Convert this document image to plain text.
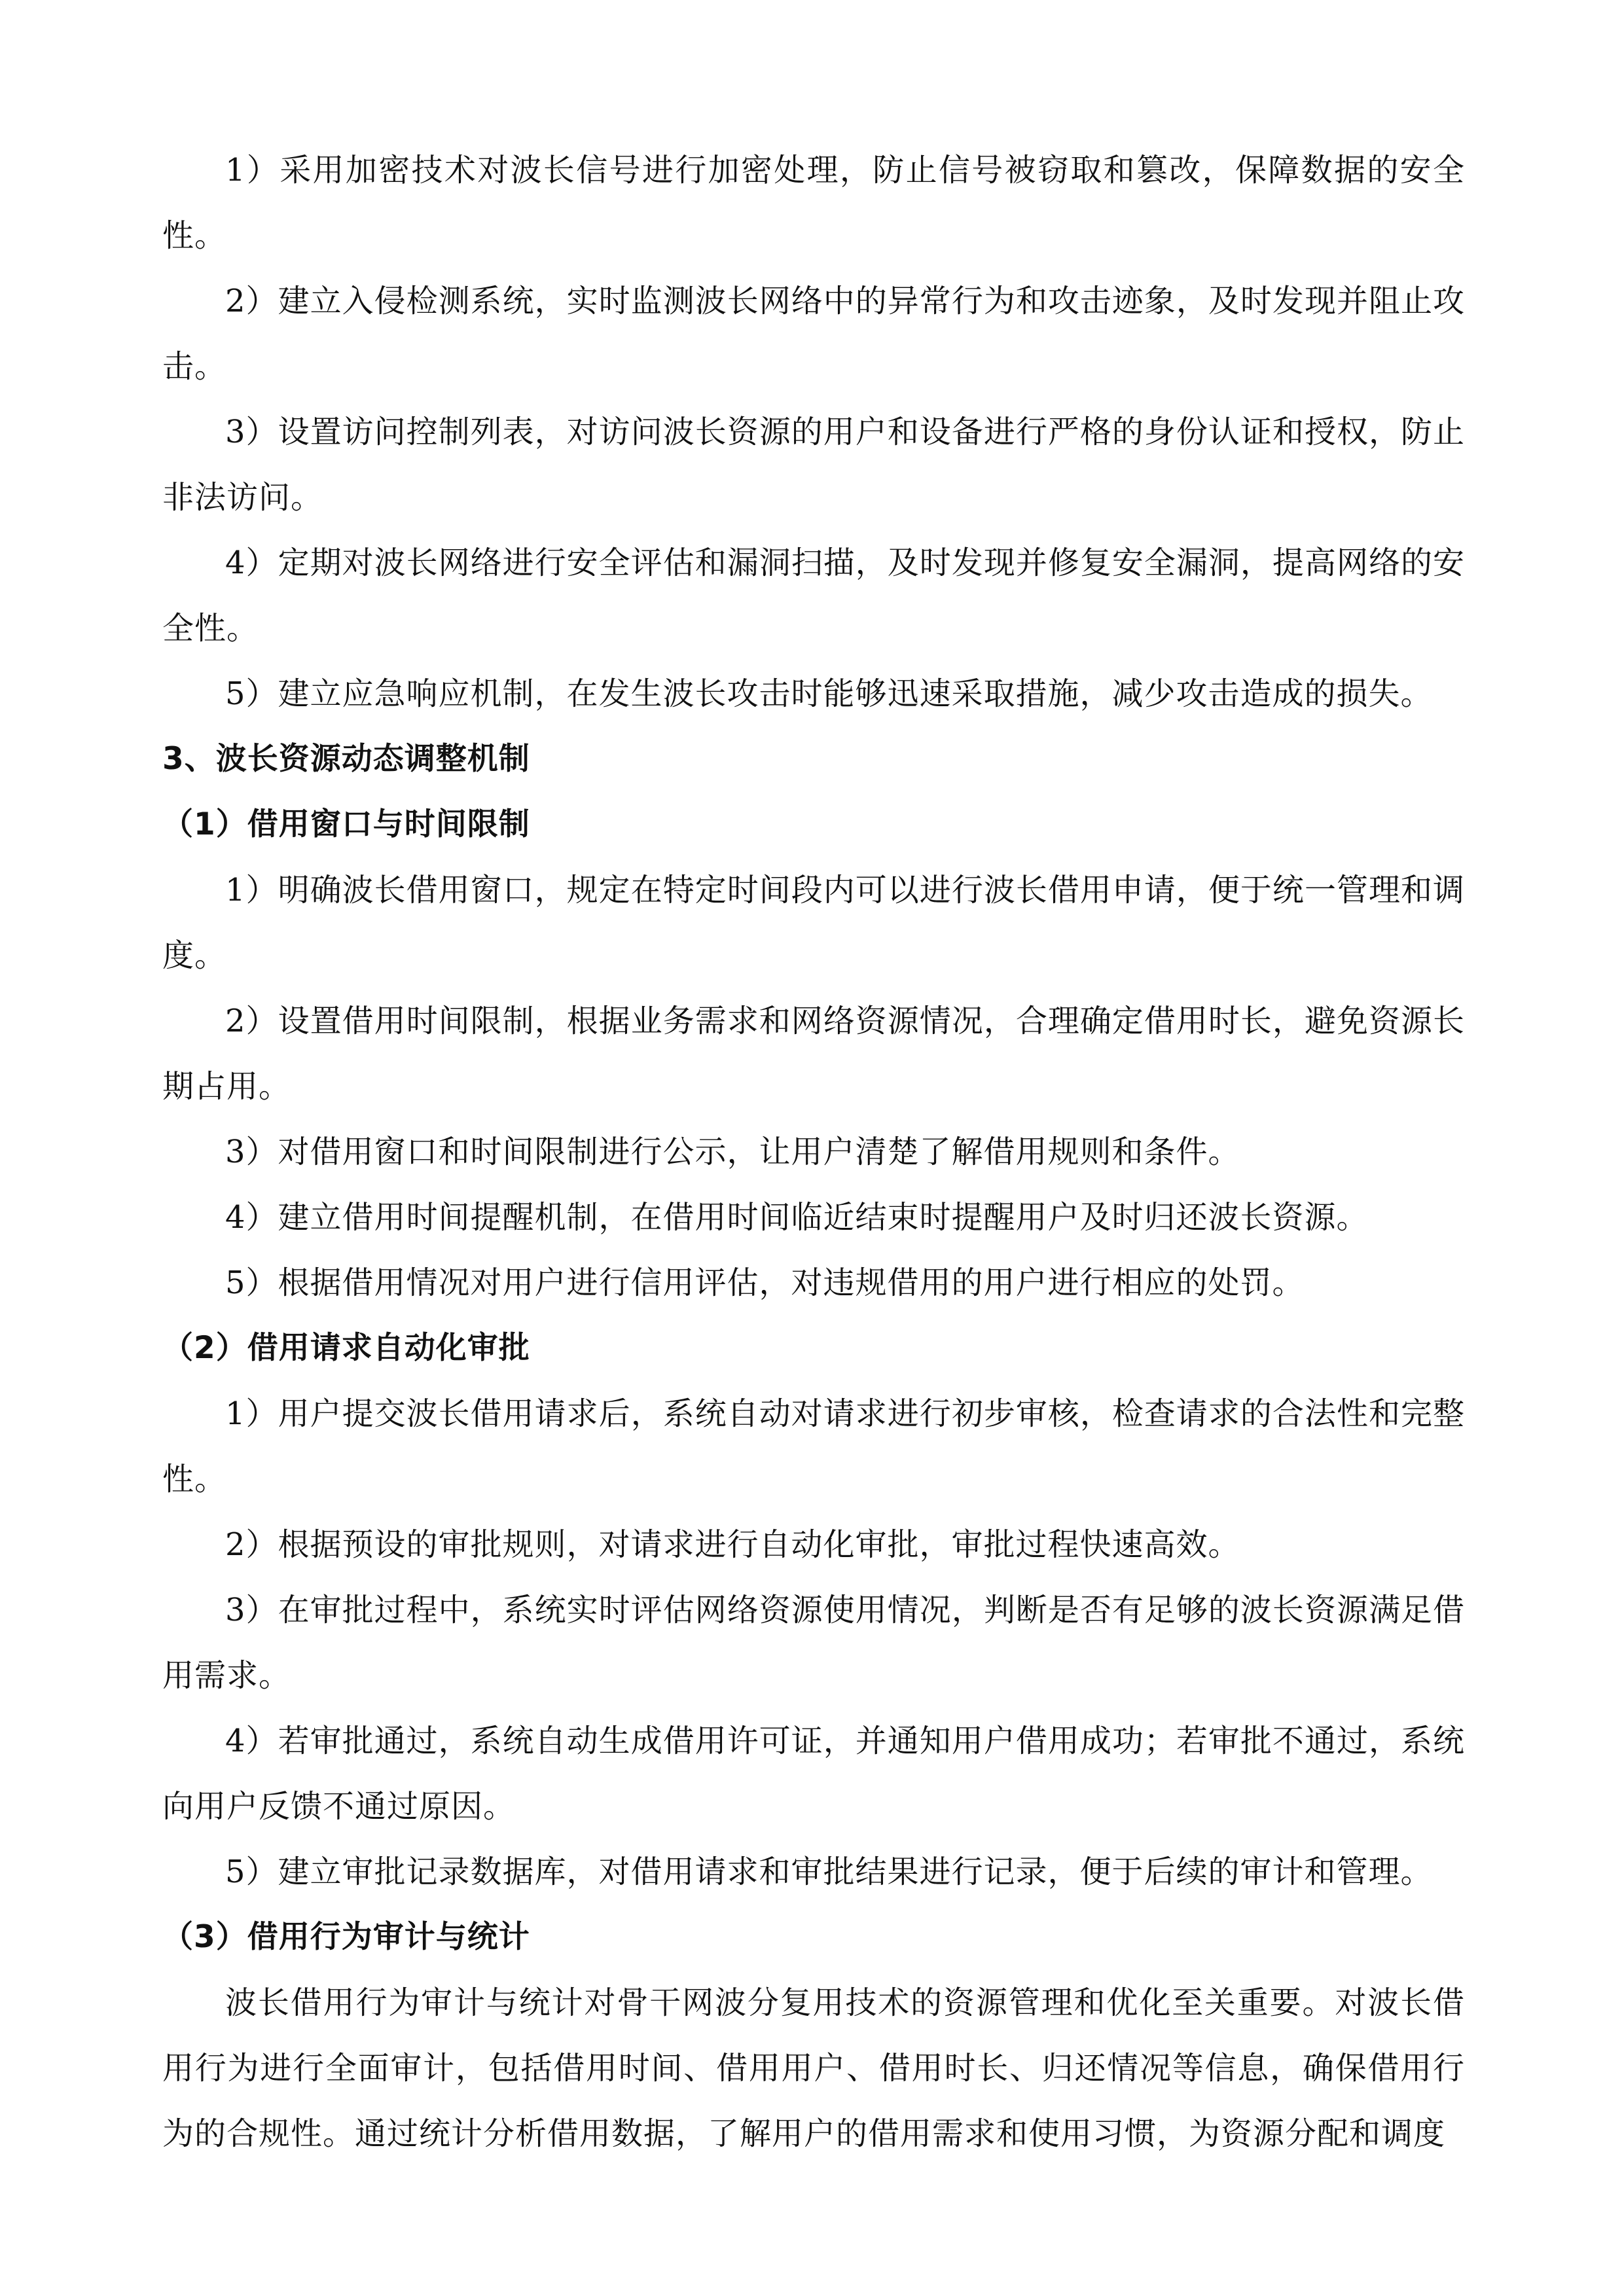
1）采用加密技术对波长信号进行加密处理，防止信号被窃取和篡改，保障数据的安全性。

2）建立入侵检测系统，实时监测波长网络中的异常行为和攻击迹象，及时发现并阻止攻击。

3）设置访问控制列表，对访问波长资源的用户和设备进行严格的身份认证和授权，防止非法访问。

4）定期对波长网络进行安全评估和漏洞扫描，及时发现并修复安全漏洞，提高网络的安全性。

5）建立应急响应机制，在发生波长攻击时能够迅速采取措施，减少攻击造成的损失。

3、波长资源动态调整机制

（1）借用窗口与时间限制

1）明确波长借用窗口，规定在特定时间段内可以进行波长借用申请，便于统一管理和调度。

2）设置借用时间限制，根据业务需求和网络资源情况，合理确定借用时长，避免资源长期占用。

3）对借用窗口和时间限制进行公示，让用户清楚了解借用规则和条件。

4）建立借用时间提醒机制，在借用时间临近结束时提醒用户及时归还波长资源。

5）根据借用情况对用户进行信用评估，对违规借用的用户进行相应的处罚。

（2）借用请求自动化审批

1）用户提交波长借用请求后，系统自动对请求进行初步审核，检查请求的合法性和完整性。

2）根据预设的审批规则，对请求进行自动化审批，审批过程快速高效。

3）在审批过程中，系统实时评估网络资源使用情况，判断是否有足够的波长资源满足借用需求。

4）若审批通过，系统自动生成借用许可证，并通知用户借用成功；若审批不通过，系统向用户反馈不通过原因。

5）建立审批记录数据库，对借用请求和审批结果进行记录，便于后续的审计和管理。

（3）借用行为审计与统计

波长借用行为审计与统计对骨干网波分复用技术的资源管理和优化至关重要。对波长借用行为进行全面审计，包括借用时间、借用用户、借用时长、归还情况等信息，确保借用行为的合规性。通过统计分析借用数据，了解用户的借用需求和使用习惯，为资源分配和调度
